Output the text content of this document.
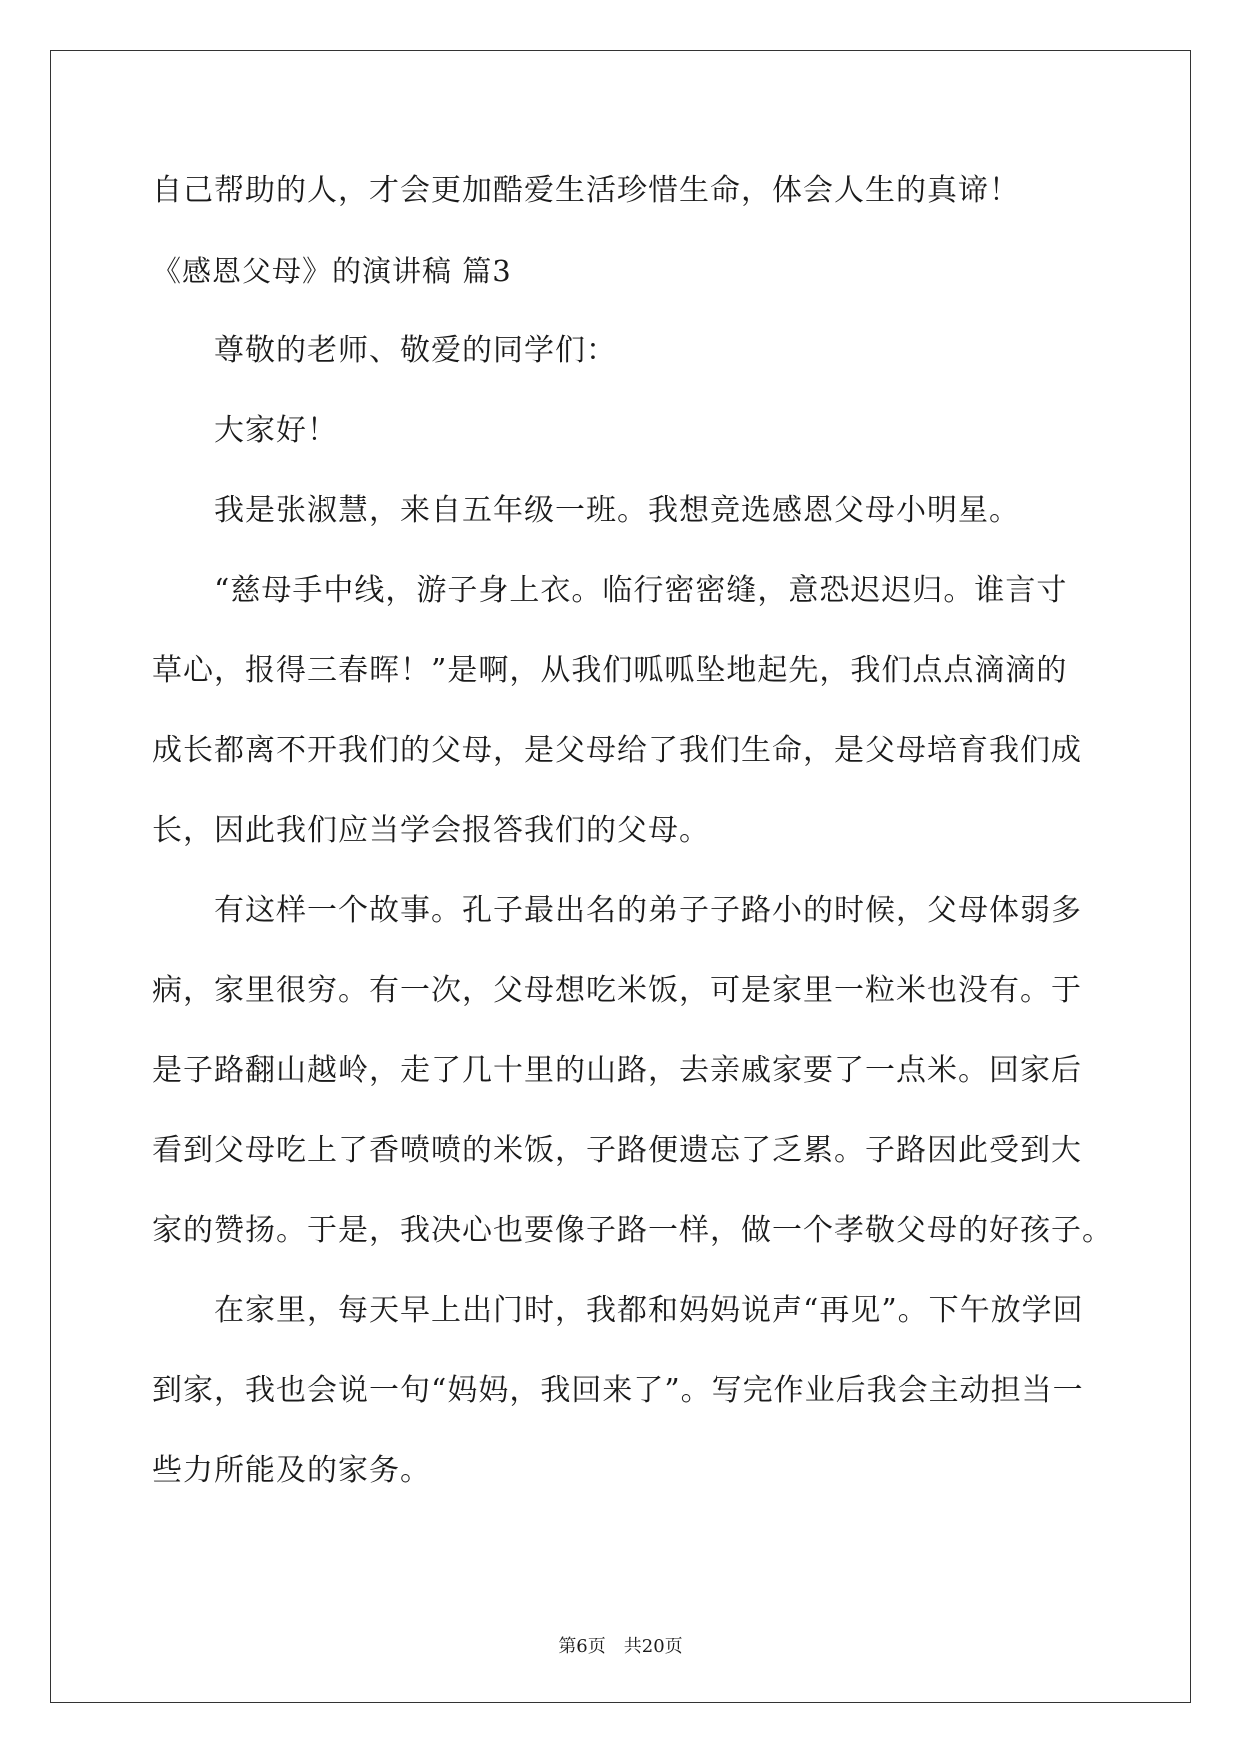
自己帮助的人，才会更加酷爱生活珍惜生命，体会人生的真谛！

《感恩父母》的演讲稿 篇3

　　尊敬的老师、敬爱的同学们：

　　大家好！

　　我是张淑慧，来自五年级一班。我想竞选感恩父母小明星。

　　“慈母手中线，游子身上衣。临行密密缝，意恐迟迟归。谁言寸

草心，报得三春晖！”是啊，从我们呱呱坠地起先，我们点点滴滴的

成长都离不开我们的父母，是父母给了我们生命，是父母培育我们成

长，因此我们应当学会报答我们的父母。

　　有这样一个故事。孔子最出名的弟子子路小的时候，父母体弱多

病，家里很穷。有一次，父母想吃米饭，可是家里一粒米也没有。于

是子路翻山越岭，走了几十里的山路，去亲戚家要了一点米。回家后

看到父母吃上了香喷喷的米饭，子路便遗忘了乏累。子路因此受到大

家的赞扬。于是，我决心也要像子路一样，做一个孝敬父母的好孩子。

　　在家里，每天早上出门时，我都和妈妈说声“再见”。下午放学回

到家，我也会说一句“妈妈，我回来了”。写完作业后我会主动担当一

些力所能及的家务。

第6页　共20页
